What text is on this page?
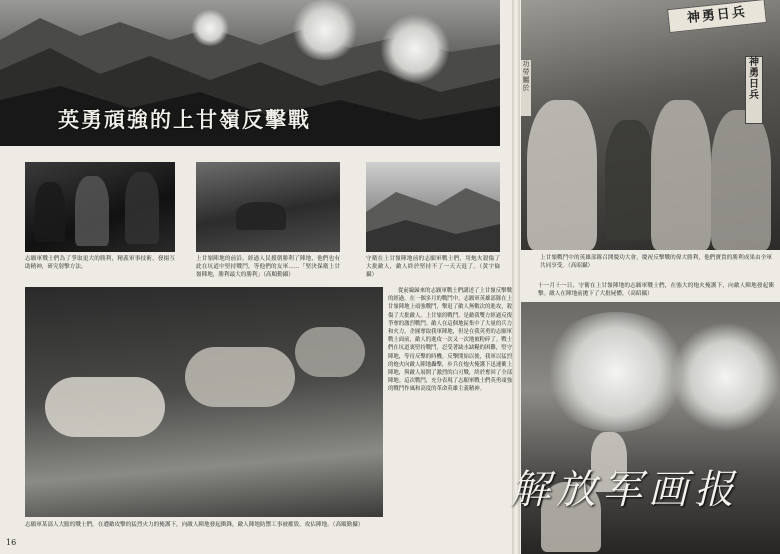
英勇頑強的上甘嶺反擊戰
志願軍戰士們為了爭取更大的勝利，精義軍事技術，發揚互助精神，研究射擊方法。
上甘嶺陣地的前沿，經過人民援朝勝利了陣地，他們也有此在坑道中堅持戰鬥，等他們的友軍……「堅決保衛上甘嶺陣地，勝利最大的勝利」（高順勤攝）
守衛在上甘嶺陣地前的志願軍戰士們，用炮火殺傷了大批敵人，敵人終於堅持不了一天天退了。（黃宇倫攝）
志願軍某部人大膽的戰士們，在遭敵攻擊的猛烈火力的掩護下，向敵人陣地發起衝鋒，敵人陣地防禦工事被摧毀，攻佔陣地。（高順勤攝）
從前線歸來的志願軍戰士們講述了上甘嶺反擊戰的經過。在一個多月的戰鬥中，志願軍英雄部隊在上甘嶺陣地上頑強戰鬥，擊退了敵人無數次的進攻，殺傷了大批敵人。上甘嶺的戰鬥，是敵我雙方經過反復爭奪的激烈戰鬥。敵人在這個地區集中了大量的兵力和火力，企圖奪取我軍陣地，但是在我英勇的志願軍戰士面前，敵人的進攻一次又一次地被粉碎了。戰士們在坑道裏堅持戰鬥，忍受著缺水缺糧的困難，堅守陣地，等待反擊的時機。反擊開始以後，我軍以猛烈的炮火向敵人陣地轟擊，步兵在炮火掩護下迅速衝上陣地，與敵人展開了激烈的白刃戰，終於奪回了全部陣地。這次戰鬥，充分表現了志願軍戰士們英勇頑強的戰鬥作風和高度的革命英雄主義精神。
16
神勇日兵
神勇日兵
功勞屬於
上甘嶺戰鬥中的英雄部隊召開慶功大會，慶祝反擊戰的偉大勝利，他們寶貴的勝利成果由全軍共同享受。（高昭攝）
十一月十一日，守衛在上甘嶺陣地的志願軍戰士們，在強大的炮火掩護下，向敵人陣地發起衝擊。敵人在陣地前拋下了大批屍體。（高昭攝）
解放军画报
